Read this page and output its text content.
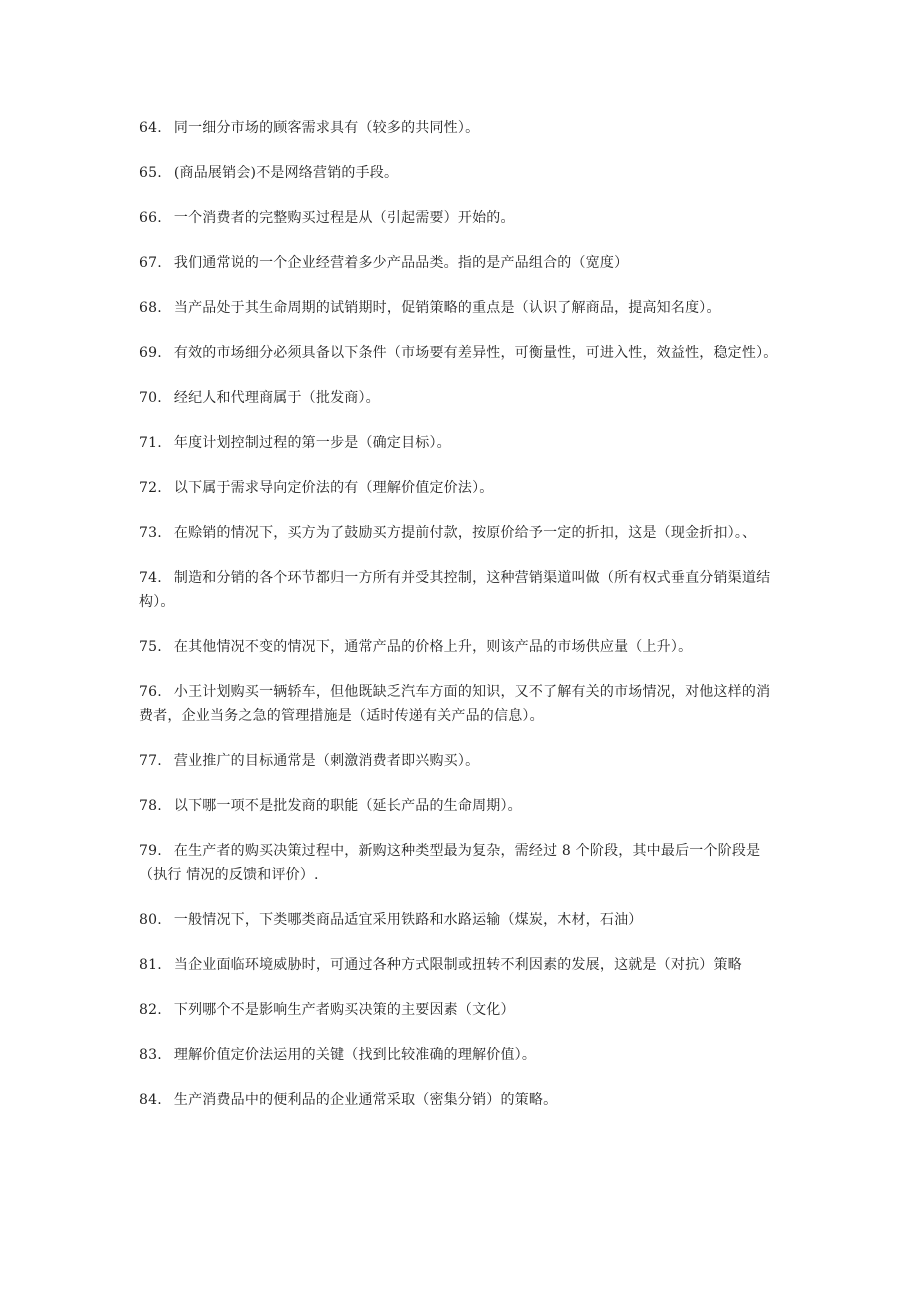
64. 同一细分市场的顾客需求具有（较多的共同性）。

65. (商品展销会)不是网络营销的手段。

66. 一个消费者的完整购买过程是从（引起需要）开始的。

67. 我们通常说的一个企业经营着多少产品品类。指的是产品组合的（宽度）

68. 当产品处于其生命周期的试销期时，促销策略的重点是（认识了解商品，提高知名度）。

69. 有效的市场细分必须具备以下条件（市场要有差异性，可衡量性，可进入性，效益性，稳定性）。

70. 经纪人和代理商属于（批发商）。

71. 年度计划控制过程的第一步是（确定目标）。

72. 以下属于需求导向定价法的有（理解价值定价法）。

73. 在赊销的情况下，买方为了鼓励买方提前付款，按原价给予一定的折扣，这是（现金折扣）。、

74. 制造和分销的各个环节都归一方所有并受其控制，这种营销渠道叫做（所有权式垂直分销渠道结构）。

75. 在其他情况不变的情况下，通常产品的价格上升，则该产品的市场供应量（上升）。

76. 小王计划购买一辆轿车，但他既缺乏汽车方面的知识，又不了解有关的市场情况，对他这样的消费者，企业当务之急的管理措施是（适时传递有关产品的信息）。

77. 营业推广的目标通常是（刺激消费者即兴购买）。

78. 以下哪一项不是批发商的职能（延长产品的生命周期）。

79. 在生产者的购买决策过程中，新购这种类型最为复杂，需经过 8 个阶段，其中最后一个阶段是（执行 情况的反馈和评价）.

80. 一般情况下，下类哪类商品适宜采用铁路和水路运输（煤炭，木材，石油）

81. 当企业面临环境威胁时，可通过各种方式限制或扭转不利因素的发展，这就是（对抗）策略

82. 下列哪个不是影响生产者购买决策的主要因素（文化）

83. 理解价值定价法运用的关键（找到比较准确的理解价值）。

84. 生产消费品中的便利品的企业通常采取（密集分销）的策略。
